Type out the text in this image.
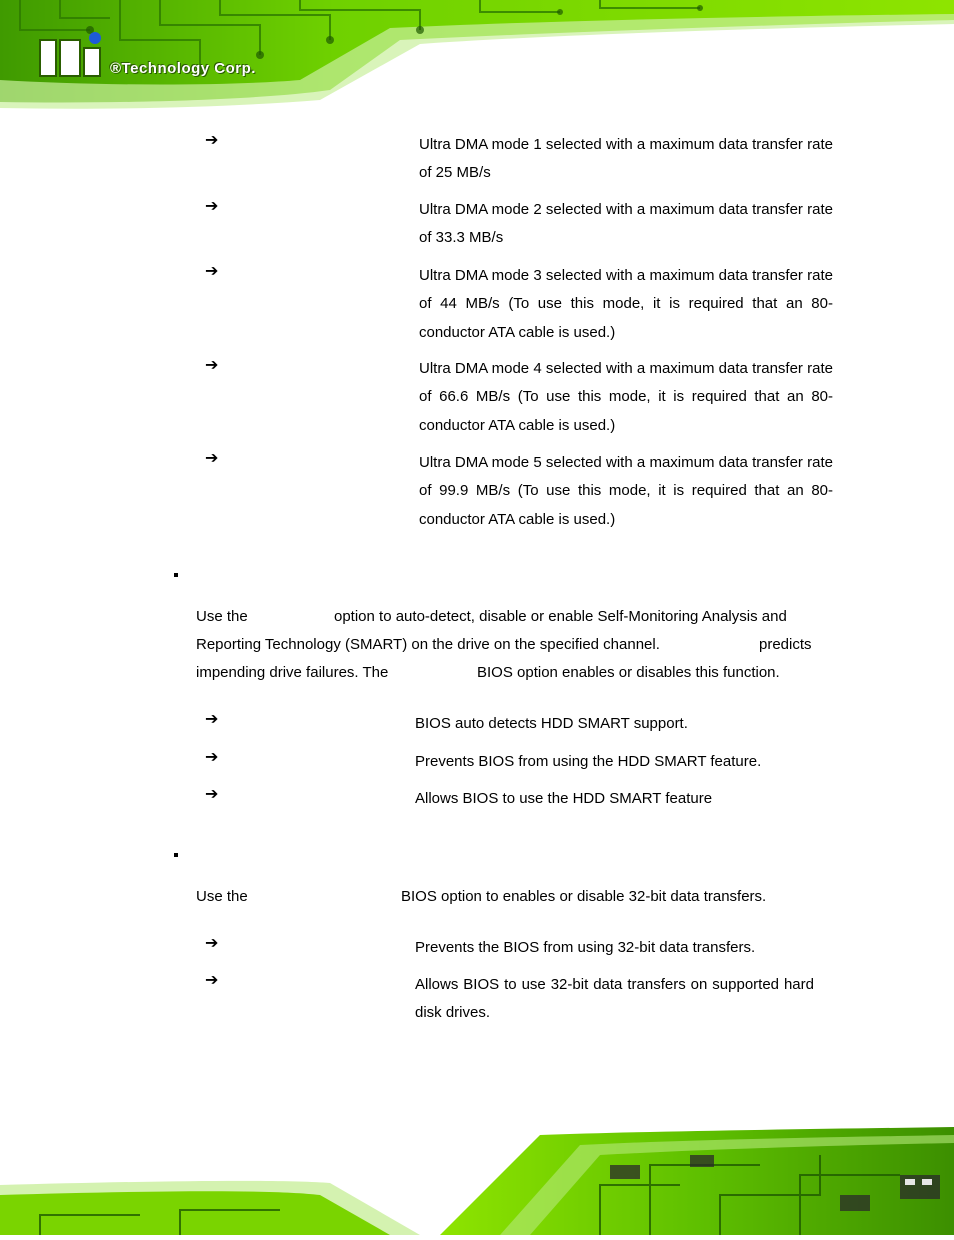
®Technology Corp.
➔	Ultra DMA mode 1 selected with a maximum data transfer rate of 25 MB/s
➔	Ultra DMA mode 2 selected with a maximum data transfer rate of 33.3 MB/s
➔	Ultra DMA mode 3 selected with a maximum data transfer rate of 44 MB/s (To use this mode, it is required that an 80-conductor ATA cable is used.)
➔	Ultra DMA mode 4 selected with a maximum data transfer rate of 66.6 MB/s (To use this mode, it is required that an 80-conductor ATA cable is used.)
➔	Ultra DMA mode 5 selected with a maximum data transfer rate of 99.9 MB/s (To use this mode, it is required that an 80-conductor ATA cable is used.)
Use the	option to auto-detect, disable or enable Self-Monitoring Analysis and
Reporting Technology (SMART) on the drive on the specified channel.	predicts
impending drive failures. The	BIOS option enables or disables this function.
➔	BIOS auto detects HDD SMART support.
➔	Prevents BIOS from using the HDD SMART feature.
➔	Allows BIOS to use the HDD SMART feature
Use the	BIOS option to enables or disable 32-bit data transfers.
➔	Prevents the BIOS from using 32-bit data transfers.
➔	Allows BIOS to use 32-bit data transfers on supported hard disk drives.
